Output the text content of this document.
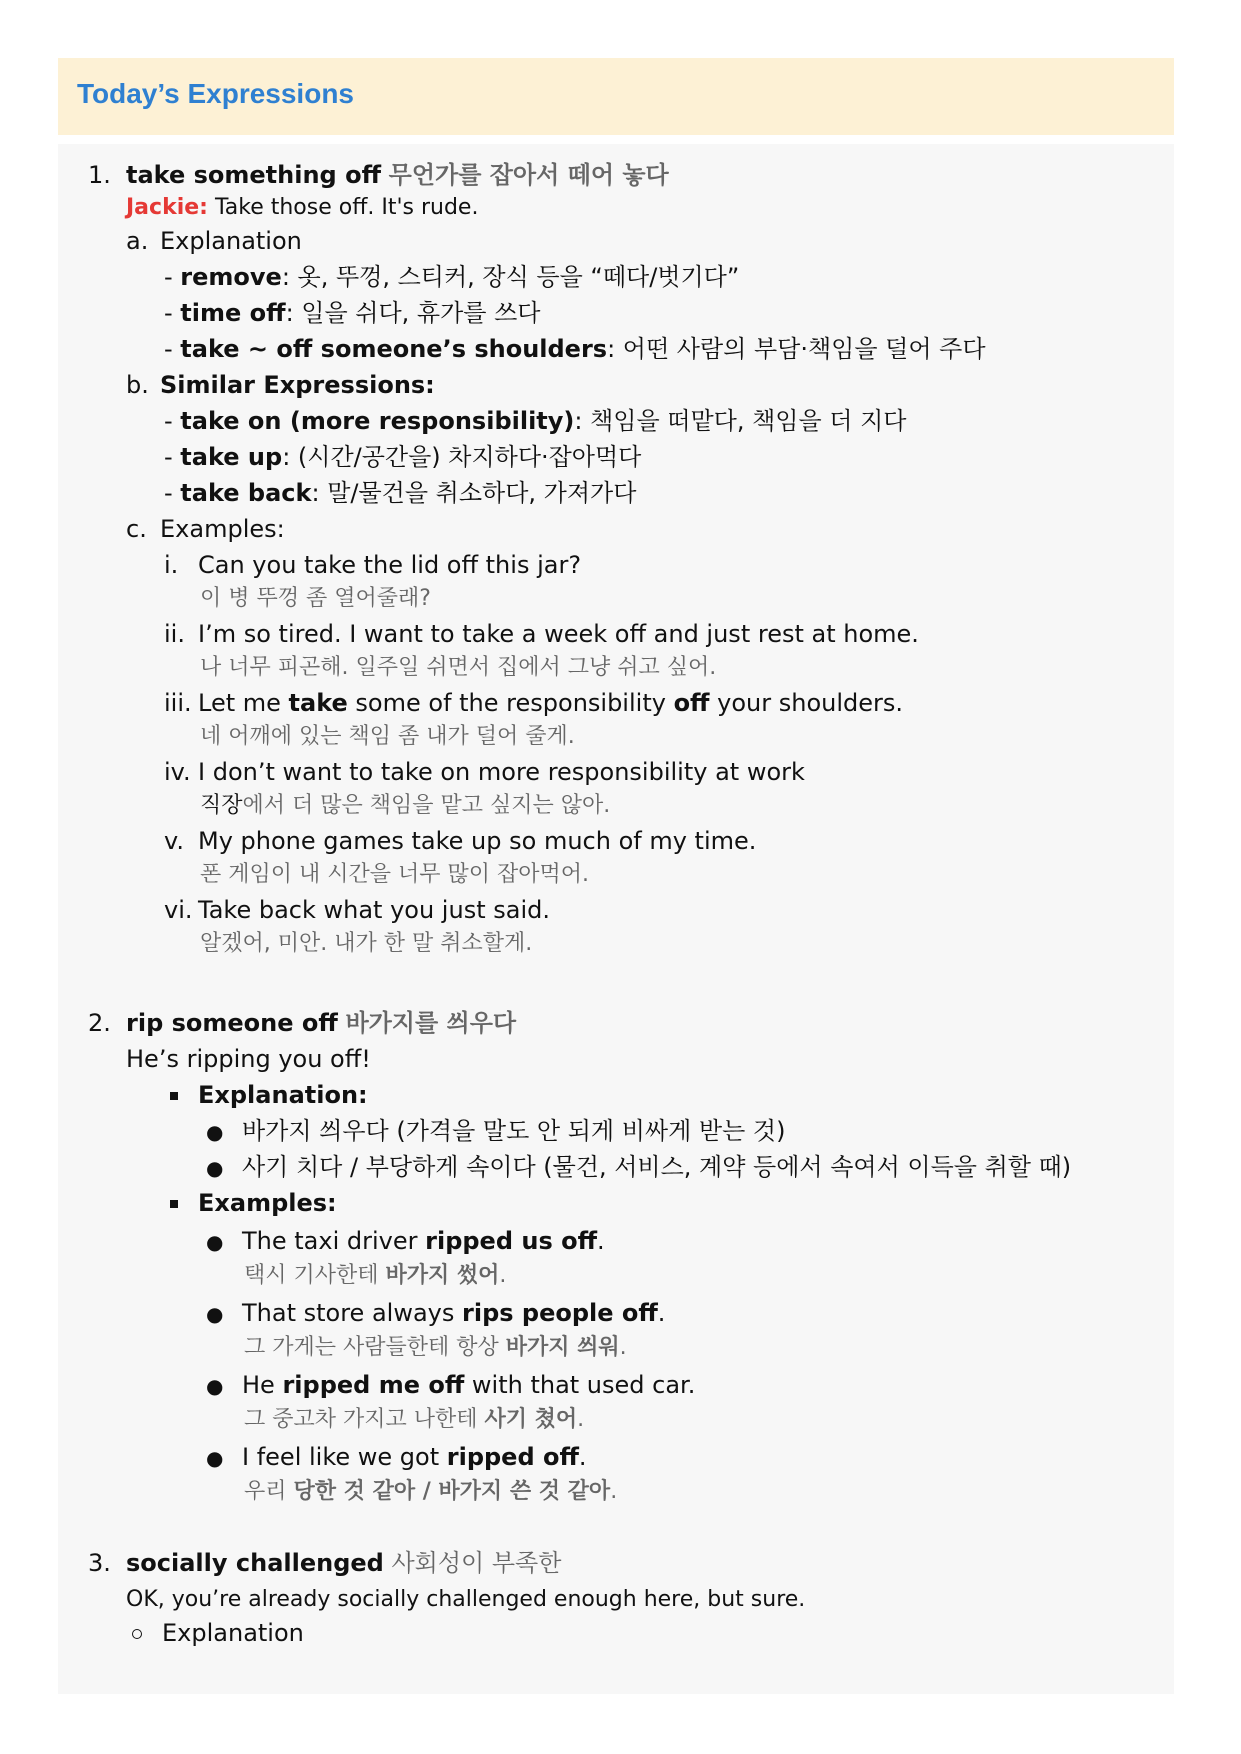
Today’s Expressions
1. take something off 무언가를 잡아서 떼어 놓다
Jackie: Take those off. It's rude.
a. Explanation
- remove: 옷, 뚜껑, 스티커, 장식 등을 “떼다/벗기다”
- time off: 일을 쉬다, 휴가를 쓰다
- take ~ off someone’s shoulders: 어떤 사람의 부담·책임을 덜어 주다
b. Similar Expressions:
- take on (more responsibility): 책임을 떠맡다, 책임을 더 지다
- take up: (시간/공간을) 차지하다·잡아먹다
- take back: 말/물건을 취소하다, 가져가다
c. Examples:
i. Can you take the lid off this jar?
이 병 뚜껑 좀 열어줄래?
ii. I’m so tired. I want to take a week off and just rest at home.
나 너무 피곤해. 일주일 쉬면서 집에서 그냥 쉬고 싶어.
iii. Let me take some of the responsibility off your shoulders.
네 어깨에 있는 책임 좀 내가 덜어 줄게.
iv. I don’t want to take on more responsibility at work
직장에서 더 많은 책임을 맡고 싶지는 않아.
v. My phone games take up so much of my time.
폰 게임이 내 시간을 너무 많이 잡아먹어.
vi. Take back what you just said.
알겠어, 미안. 내가 한 말 취소할게.
2. rip someone off 바가지를 씌우다
He’s ripping you off!
Explanation:
● 바가지 씌우다 (가격을 말도 안 되게 비싸게 받는 것)
● 사기 치다 / 부당하게 속이다 (물건, 서비스, 계약 등에서 속여서 이득을 취할 때)
Examples:
● The taxi driver ripped us off.
택시 기사한테 바가지 썼어.
● That store always rips people off.
그 가게는 사람들한테 항상 바가지 씌워.
● He ripped me off with that used car.
그 중고차 가지고 나한테 사기 쳤어.
● I feel like we got ripped off.
우리 당한 것 같아 / 바가지 쓴 것 같아.
3. socially challenged 사회성이 부족한
OK, you’re already socially challenged enough here, but sure.
Explanation
